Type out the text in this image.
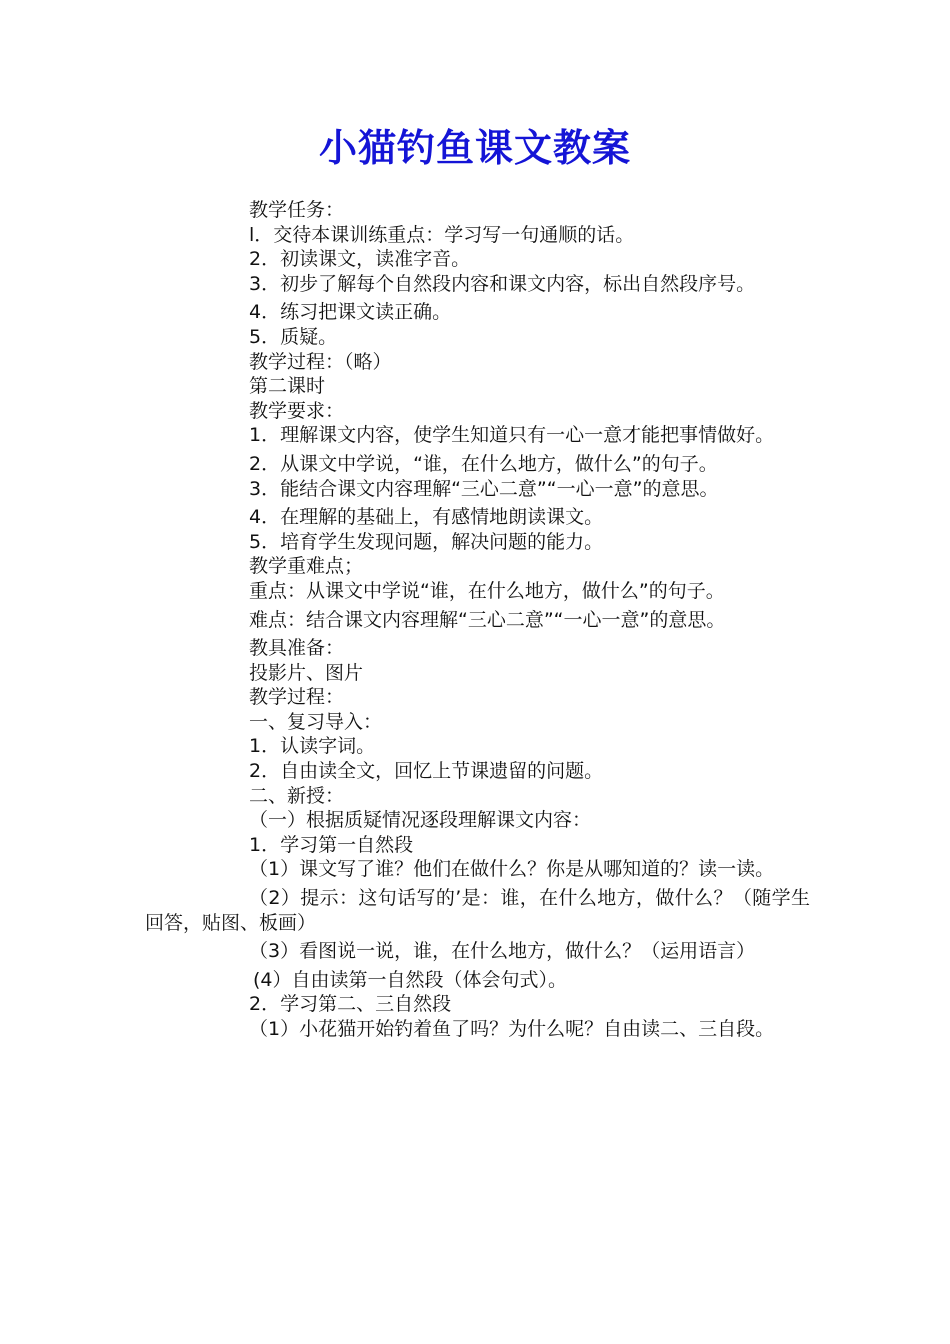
小猫钓鱼课文教案
教学任务：
l．交待本课训练重点：学习写一句通顺的话。
2．初读课文，读准字音。
3．初步了解每个自然段内容和课文内容，标出自然段序号。
4．练习把课文读正确。
5．质疑。
教学过程：（略）
第二课时
教学要求：
1．理解课文内容，使学生知道只有一心一意才能把事情做好。
2．从课文中学说，“谁，在什么地方，做什么”的句子。
3．能结合课文内容理解“三心二意”“一心一意”的意思。
4．在理解的基础上，有感情地朗读课文。
5．培育学生发现问题，解决问题的能力。
教学重难点；
重点：从课文中学说“谁，在什么地方，做什么”的句子。
难点：结合课文内容理解“三心二意”“一心一意”的意思。
教具准备：
投影片、图片
教学过程：
一、复习导入：
1．认读字词。
2．自由读全文，回忆上节课遗留的问题。
二、新授：
（一）根据质疑情况逐段理解课文内容：
1．学习第一自然段
（1）课文写了谁？他们在做什么？你是从哪知道的？读一读。
（2）提示：这句话写的’是：谁，在什么地方，做什么？（随学生回答，贴图、板画）
（3）看图说一说，谁，在什么地方，做什么？（运用语言）
(4）自由读第一自然段（体会句式）。
2．学习第二、三自然段
（1）小花猫开始钓着鱼了吗？为什么呢？自由读二、三自段。
